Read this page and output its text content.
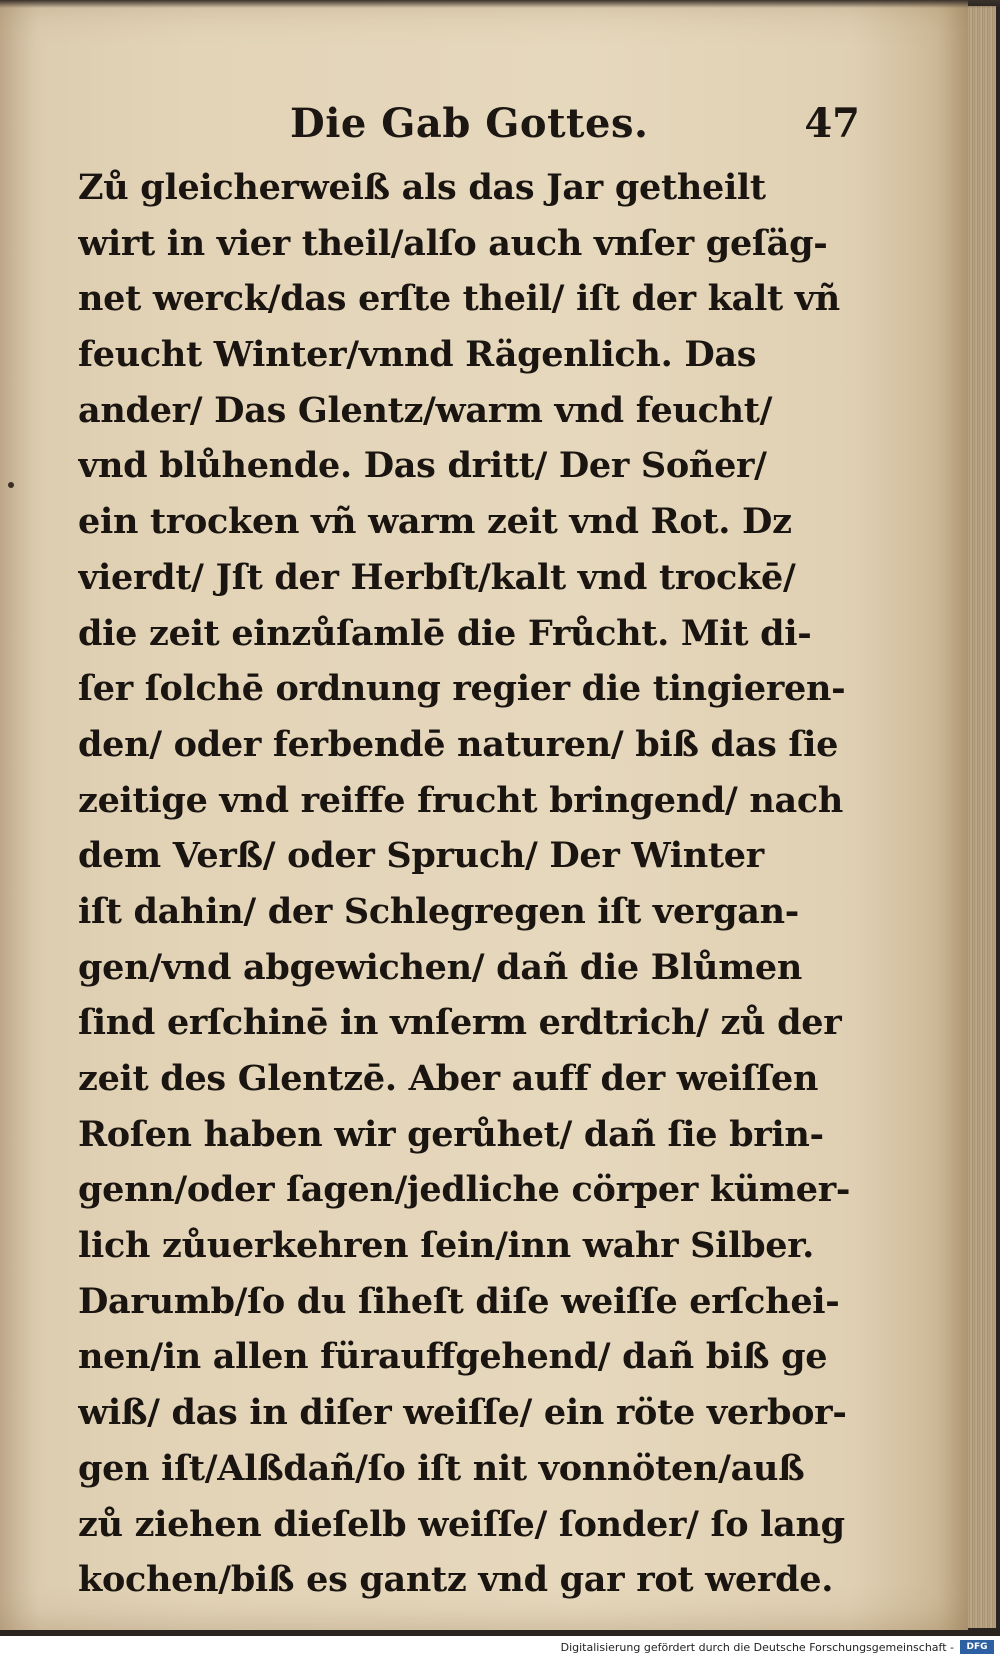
Die Gab Gottes.	47
Zů gleicherweiß als das Jar getheilt
wirt in vier theil/alſo auch vnſer geſäg-
net werck/das erſte theil/ iſt der kalt vñ
feucht Winter/vnnd Rägenlich. Das
ander/ Das Glentz/warm vnd feucht/
vnd blůhende. Das dritt/ Der Soñer/
ein trocken vñ warm zeit vnd Rot. Dz
vierdt/ Jſt der Herbſt/kalt vnd trockē/
die zeit einzůſamlē die Frůcht. Mit di-
ſer ſolchē ordnung regier die tingieren-
den/ oder ferbendē naturen/ biß das ſie
zeitige vnd reiffe frucht bringend/ nach
dem Verß/ oder Spruch/ Der Winter
iſt dahin/ der Schlegregen iſt vergan-
gen/vnd abgewichen/ dañ die Blůmen
ſind erſchinē in vnſerm erdtrich/ zů der
zeit des Glentzē. Aber auff der weiſſen
Roſen haben wir gerůhet/ dañ ſie brin-
genn/oder ſagen/jedliche cörper kümer-
lich zůuerkehren ſein/inn wahr Silber.
Darumb/ſo du ſiheſt diſe weiſſe erſchei-
nen/in allen fürauffgehend/ dañ biß ge
wiß/ das in diſer weiſſe/ ein röte verbor-
gen iſt/Alßdañ/ſo iſt nit vonnöten/auß
zů ziehen dieſelb weiſſe/ ſonder/ ſo lang
kochen/biß es gantz vnd gar rot werde.
Digitalisierung gefördert durch die Deutsche Forschungsgemeinschaft -	DFG
